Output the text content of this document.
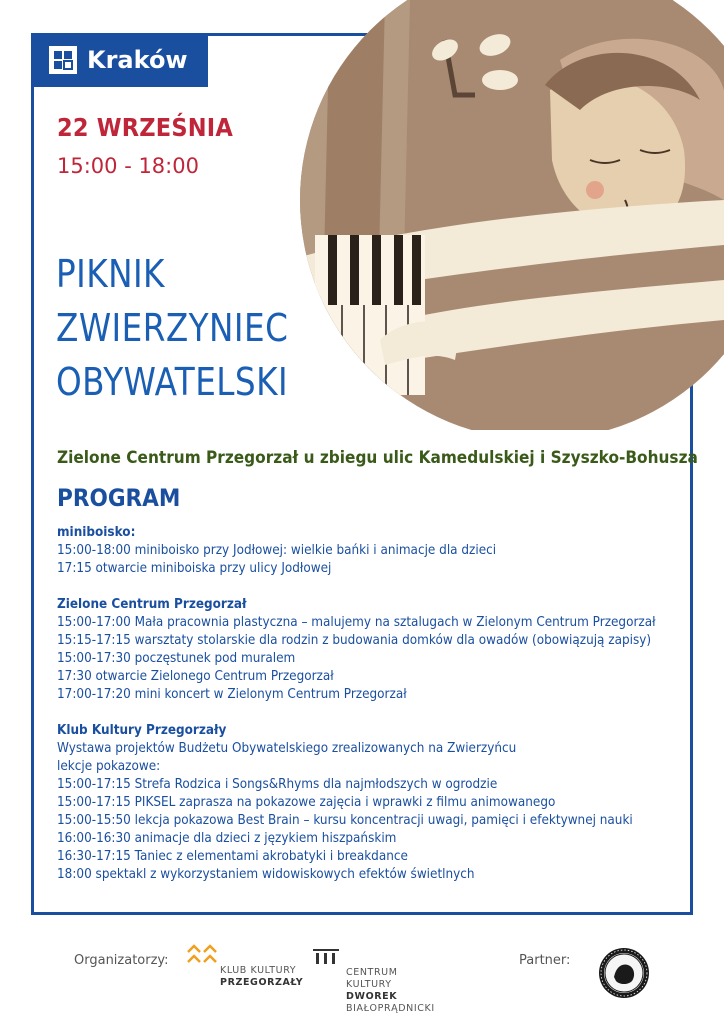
Kraków
22 WRZEŚNIA
15:00 - 18:00
PIKNIK
ZWIERZYNIEC
OBYWATELSKI
Zielone Centrum Przegorzał u zbiegu ulic Kamedulskiej i Szyszko-Bohusza
PROGRAM
miniboisko:
15:00-18:00 miniboisko przy Jodłowej: wielkie bańki i animacje dla dzieci
17:15 otwarcie miniboiska przy ulicy Jodłowej
Zielone Centrum Przegorzał
15:00-17:00 Mała pracownia plastyczna – malujemy na sztalugach w Zielonym Centrum Przegorzał
15:15-17:15 warsztaty stolarskie dla rodzin z budowania domków dla owadów (obowiązują zapisy)
15:00-17:30 poczęstunek pod muralem
17:30 otwarcie Zielonego Centrum Przegorzał
17:00-17:20 mini koncert w Zielonym Centrum Przegorzał
Klub Kultury Przegorzały
Wystawa projektów Budżetu Obywatelskiego zrealizowanych na Zwierzyńcu
lekcje pokazowe:
15:00-17:15 Strefa Rodzica i Songs&Rhyms dla najmłodszych w ogrodzie
15:00-17:15 PIKSEL zaprasza na pokazowe zajęcia i wprawki z filmu animowanego
15:00-15:50 lekcja pokazowa Best Brain – kursu koncentracji uwagi, pamięci i efektywnej nauki
16:00-16:30 animacje dla dzieci z językiem hiszpańskim
16:30-17:15 Taniec z elementami akrobatyki i breakdance
18:00 spektakl z wykorzystaniem widowiskowych efektów świetlnych
Organizatorzy:
KLUB KULTURY
PRZEGORZAŁY
CENTRUM KULTURY
DWOREK
BIAŁOPRĄDNICKI
Partner:
